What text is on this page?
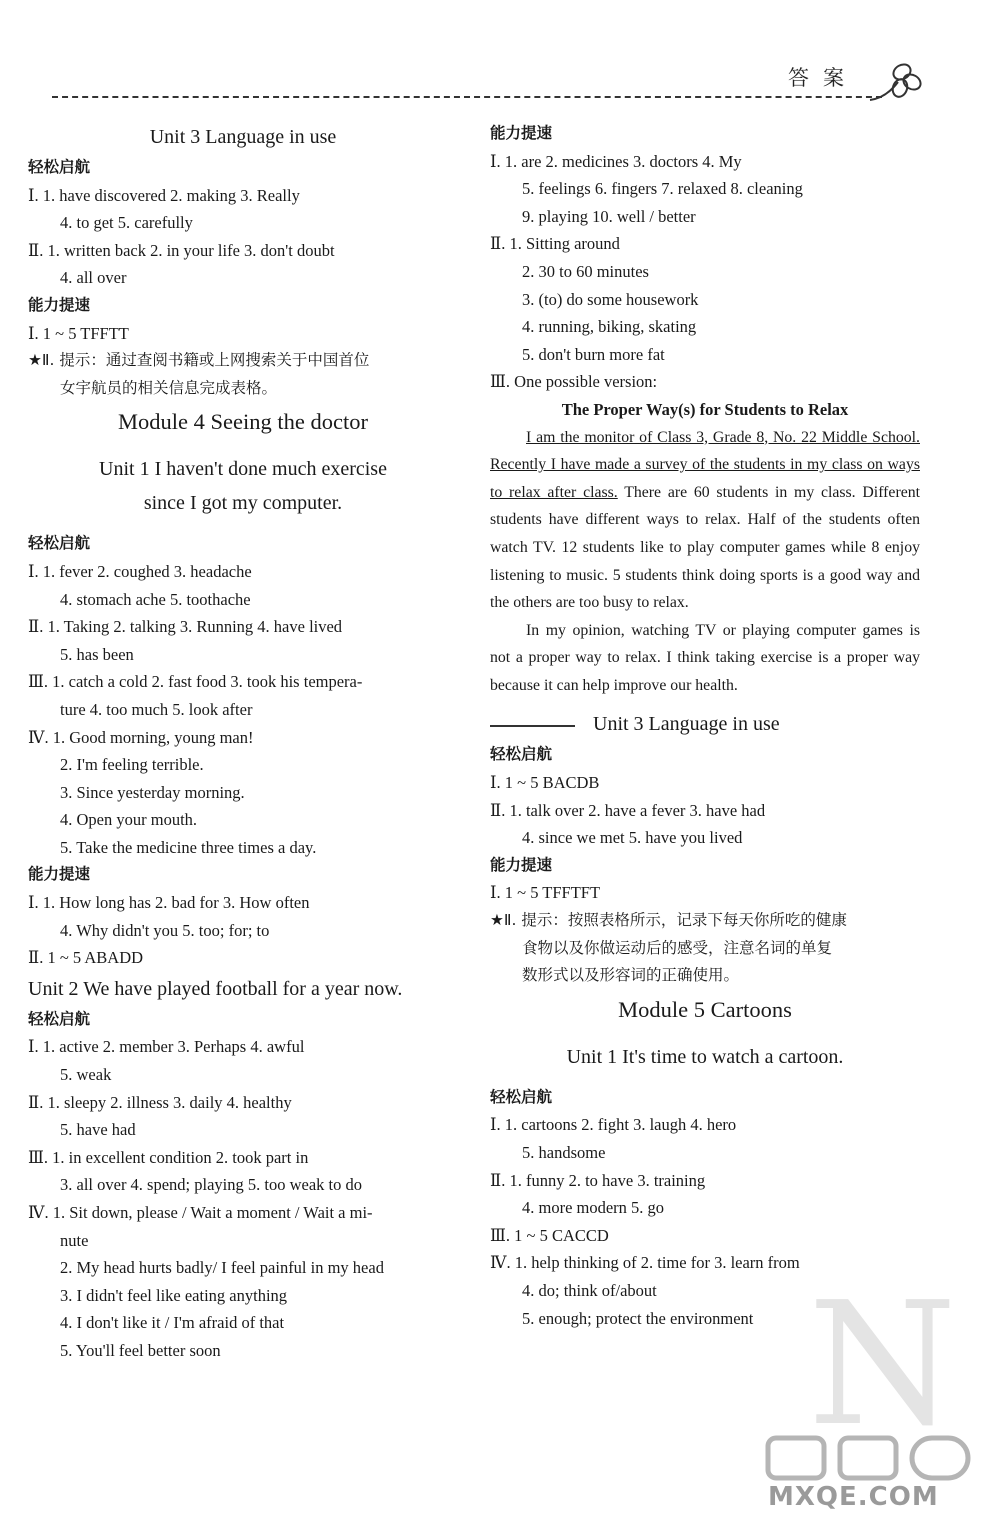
答案
Unit 3 Language in use
轻松启航
Ⅰ. 1. have discovered 2. making 3. Really
4. to get 5. carefully
Ⅱ. 1. written back 2. in your life 3. don't doubt
4. all over
能力提速
Ⅰ. 1 ~ 5 TFFTT
★Ⅱ. 提示：通过查阅书籍或上网搜索关于中国首位
女宇航员的相关信息完成表格。
Module 4 Seeing the doctor
Unit 1 I haven't done much exercise
since I got my computer.
轻松启航
Ⅰ. 1. fever 2. coughed 3. headache
4. stomach ache 5. toothache
Ⅱ. 1. Taking 2. talking 3. Running 4. have lived
5. has been
Ⅲ. 1. catch a cold 2. fast food 3. took his tempera-
ture 4. too much 5. look after
Ⅳ. 1. Good morning, young man!
2. I'm feeling terrible.
3. Since yesterday morning.
4. Open your mouth.
5. Take the medicine three times a day.
能力提速
Ⅰ. 1. How long has 2. bad for 3. How often
4. Why didn't you 5. too; for; to
Ⅱ. 1 ~ 5 ABADD
Unit 2 We have played football for a year now.
轻松启航
Ⅰ. 1. active 2. member 3. Perhaps 4. awful
5. weak
Ⅱ. 1. sleepy 2. illness 3. daily 4. healthy
5. have had
Ⅲ. 1. in excellent condition 2. took part in
3. all over 4. spend; playing 5. too weak to do
Ⅳ. 1. Sit down, please / Wait a moment / Wait a mi-
nute
2. My head hurts badly/ I feel painful in my head
3. I didn't feel like eating anything
4. I don't like it / I'm afraid of that
5. You'll feel better soon
能力提速
Ⅰ. 1. are 2. medicines 3. doctors 4. My
5. feelings 6. fingers 7. relaxed 8. cleaning
9. playing 10. well / better
Ⅱ. 1. Sitting around
2. 30 to 60 minutes
3. (to) do some housework
4. running, biking, skating
5. don't burn more fat
Ⅲ. One possible version:
The Proper Way(s) for Students to Relax

I am the monitor of Class 3, Grade 8, No. 22 Middle School. Recently I have made a survey of the students in my class on ways to relax after class. There are 60 students in my class. Different students have different ways to relax. Half of the students often watch TV. 12 students like to play computer games while 8 enjoy listening to music. 5 students think doing sports is a good way and the others are too busy to relax.

In my opinion, watching TV or playing computer games is not a proper way to relax. I think taking exercise is a proper way because it can help improve our health.

Unit 3 Language in use
轻松启航
Ⅰ. 1 ~ 5 BACDB
Ⅱ. 1. talk over 2. have a fever 3. have had
4. since we met 5. have you lived
能力提速
Ⅰ. 1 ~ 5 TFFTFT
★Ⅱ. 提示：按照表格所示，记录下每天你所吃的健康
食物以及你做运动后的感受，注意名词的单复
数形式以及形容词的正确使用。
Module 5 Cartoons
Unit 1 It's time to watch a cartoon.
轻松启航
Ⅰ. 1. cartoons 2. fight 3. laugh 4. hero
5. handsome
Ⅱ. 1. funny 2. to have 3. training
4. more modern 5. go
Ⅲ. 1 ~ 5 CACCD
Ⅳ. 1. help thinking of 2. time for 3. learn from
4. do; think of/about
5. enough; protect the environment N
MXQE.COM
